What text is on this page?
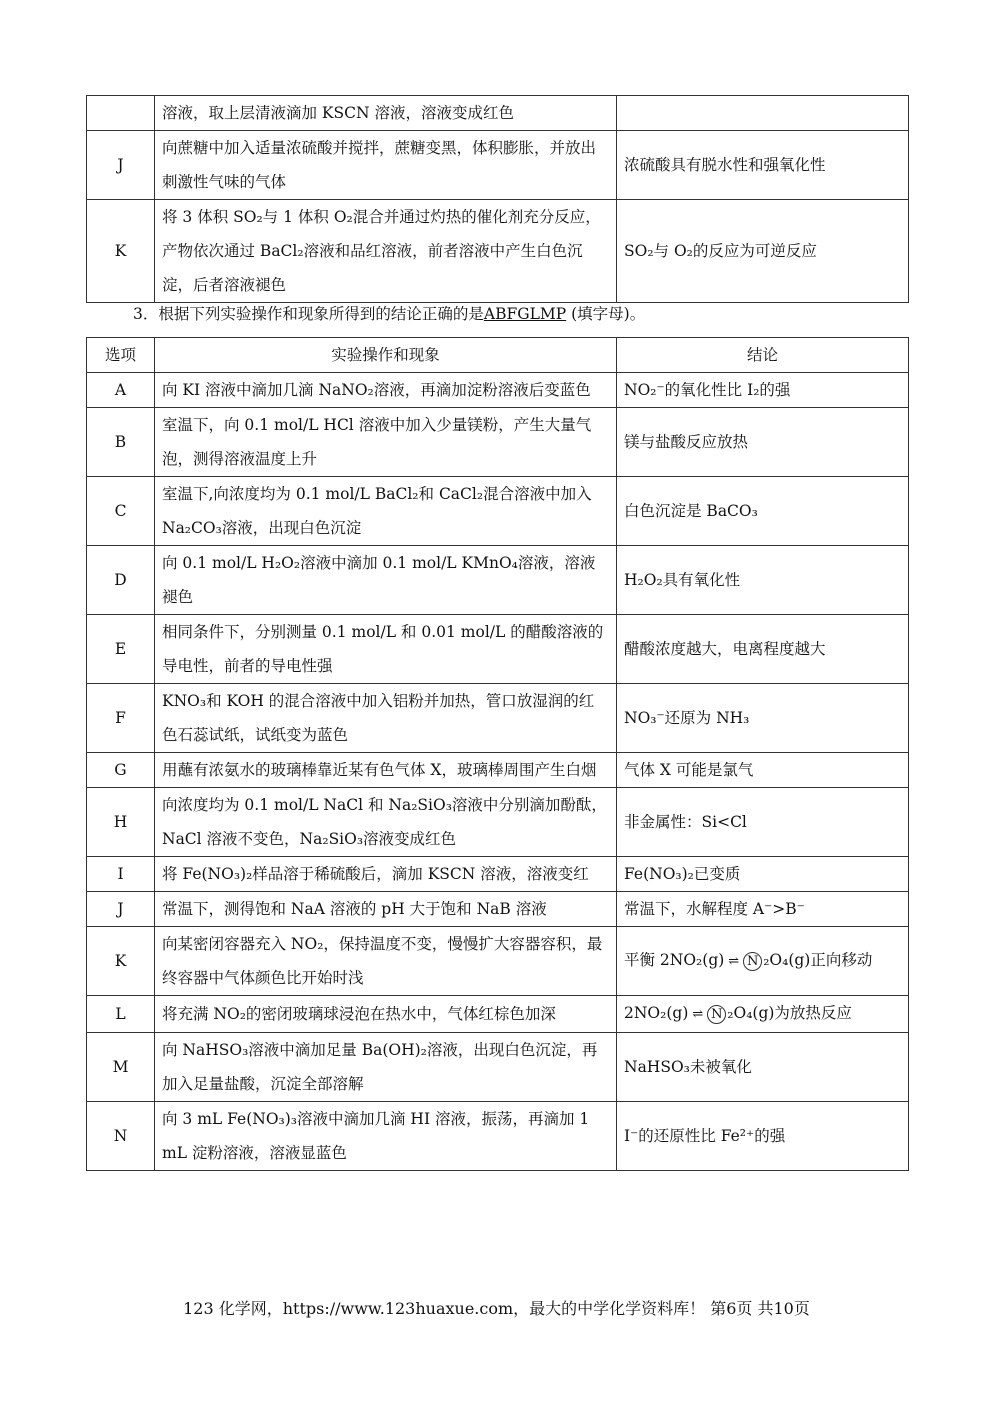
	溶液，取上层清液滴加 KSCN 溶液，溶液变成红色	
J	向蔗糖中加入适量浓硫酸并搅拌，蔗糖变黑，体积膨胀，并放出刺激性气味的气体	浓硫酸具有脱水性和强氧化性
K	将 3 体积 SO₂与 1 体积 O₂混合并通过灼热的催化剂充分反应，产物依次通过 BaCl₂溶液和品红溶液，前者溶液中产生白色沉淀，后者溶液褪色	SO₂与 O₂的反应为可逆反应
3．根据下列实验操作和现象所得到的结论正确的是ABFGLMP (填字母)。
选项	实验操作和现象	结论
A	向 KI 溶液中滴加几滴 NaNO₂溶液，再滴加淀粉溶液后变蓝色	NO₂⁻的氧化性比 I₂的强
B	室温下，向 0.1 mol/L HCl 溶液中加入少量镁粉，产生大量气泡，测得溶液温度上升	镁与盐酸反应放热
C	室温下,向浓度均为 0.1 mol/L BaCl₂和 CaCl₂混合溶液中加入 Na₂CO₃溶液，出现白色沉淀	白色沉淀是 BaCO₃
D	向 0.1 mol/L H₂O₂溶液中滴加 0.1 mol/L KMnO₄溶液，溶液褪色	H₂O₂具有氧化性
E	相同条件下，分别测量 0.1 mol/L 和 0.01 mol/L 的醋酸溶液的导电性，前者的导电性强	醋酸浓度越大，电离程度越大
F	KNO₃和 KOH 的混合溶液中加入铝粉并加热，管口放湿润的红色石蕊试纸，试纸变为蓝色	NO₃⁻还原为 NH₃
G	用蘸有浓氨水的玻璃棒靠近某有色气体 X，玻璃棒周围产生白烟	气体 X 可能是氯气
H	向浓度均为 0.1 mol/L NaCl 和 Na₂SiO₃溶液中分别滴加酚酞，NaCl 溶液不变色，Na₂SiO₃溶液变成红色	非金属性：Si<Cl
I	将 Fe(NO₃)₂样品溶于稀硫酸后，滴加 KSCN 溶液，溶液变红	Fe(NO₃)₂已变质
J	常温下，测得饱和 NaA 溶液的 pH 大于饱和 NaB 溶液	常温下，水解程度 A⁻>B⁻
K	向某密闭容器充入 NO₂，保持温度不变，慢慢扩大容器容积，最终容器中气体颜色比开始时浅	平衡 2NO₂(g) ⇌ N ₂O₄(g)正向移动
L	将充满 NO₂的密闭玻璃球浸泡在热水中，气体红棕色加深	2NO₂(g) ⇌ N ₂O₄(g)为放热反应
M	向 NaHSO₃溶液中滴加足量 Ba(OH)₂溶液，出现白色沉淀，再加入足量盐酸，沉淀全部溶解	NaHSO₃未被氧化
N	向 3 mL Fe(NO₃)₃溶液中滴加几滴 HI 溶液，振荡，再滴加 1 mL 淀粉溶液，溶液显蓝色	I⁻的还原性比 Fe²⁺的强
123 化学网，https://www.123huaxue.com，最大的中学化学资料库！ 第6页 共10页
